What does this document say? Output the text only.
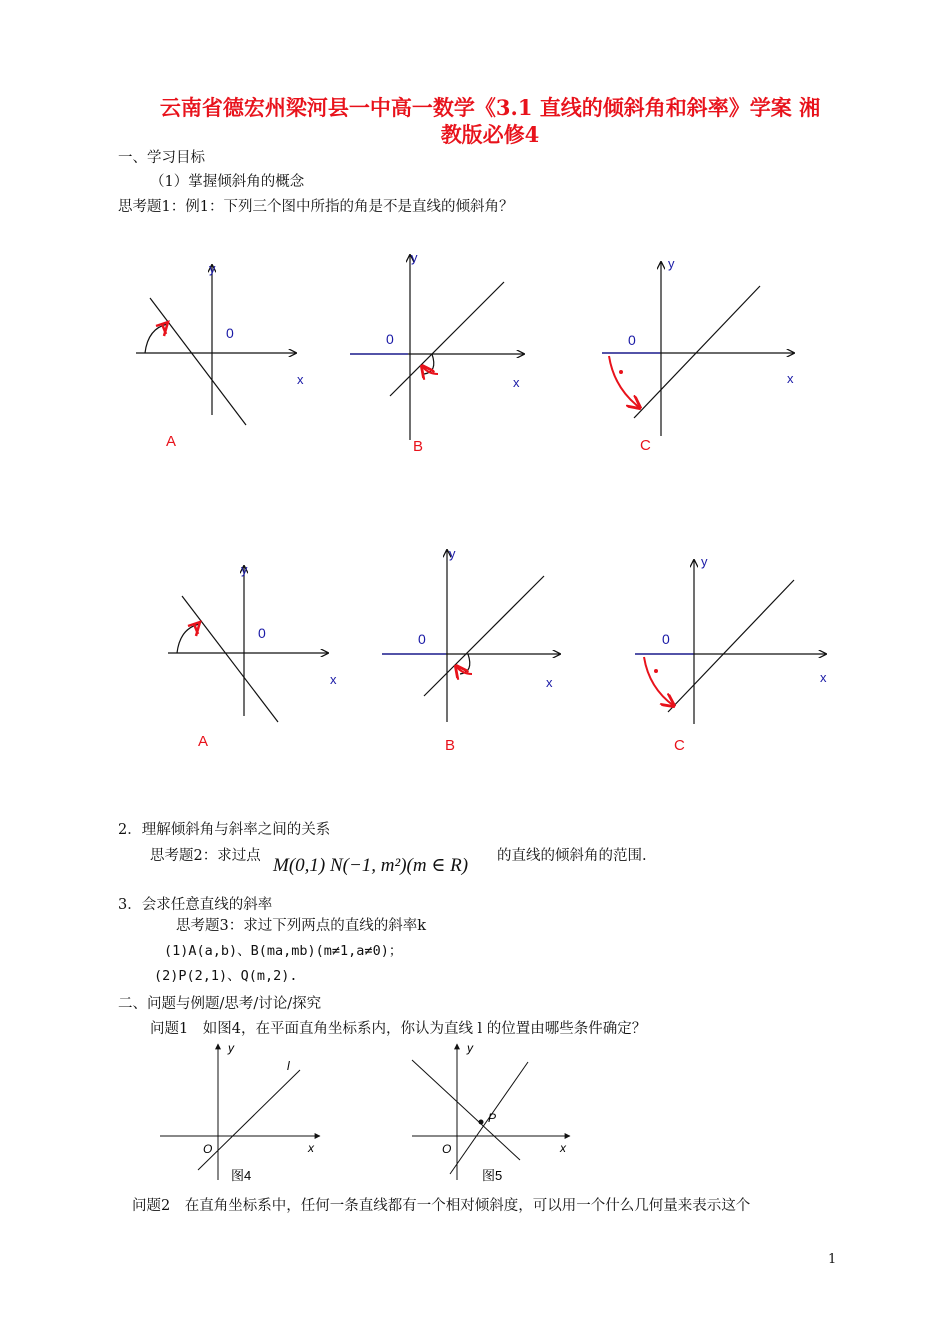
云南省德宏州梁河县一中高一数学《3.1 直线的倾斜角和斜率》学案 湘
教版必修4
一、学习目标
（1）掌握倾斜角的概念
思考题1：例1：下列三个图中所指的角是不是直线的倾斜角？
y
0
x
A
y
0
x
B
y
0
x
C
y
0
x
A
y
0
x
B
y
0
x
C
2．理解倾斜角与斜率之间的关系
思考题2：求过点 M(0,1) N(−1, m²)(m ∈ R) 的直线的倾斜角的范围.
3．会求任意直线的斜率
思考题3：求过下列两点的直线的斜率k
(1)A(a,b)、B(ma,mb)(m≠1,a≠0)；
(2)P(2,1)、Q(m,2).
二、问题与例题/思考/讨论/探究
问题1　如图4，在平面直角坐标系内，你认为直线 l 的位置由哪些条件确定？
y
x
O
l
图4
y
x
O
P
图5
问题2　在直角坐标系中，任何一条直线都有一个相对倾斜度，可以用一个什么几何量来表示这个
1
